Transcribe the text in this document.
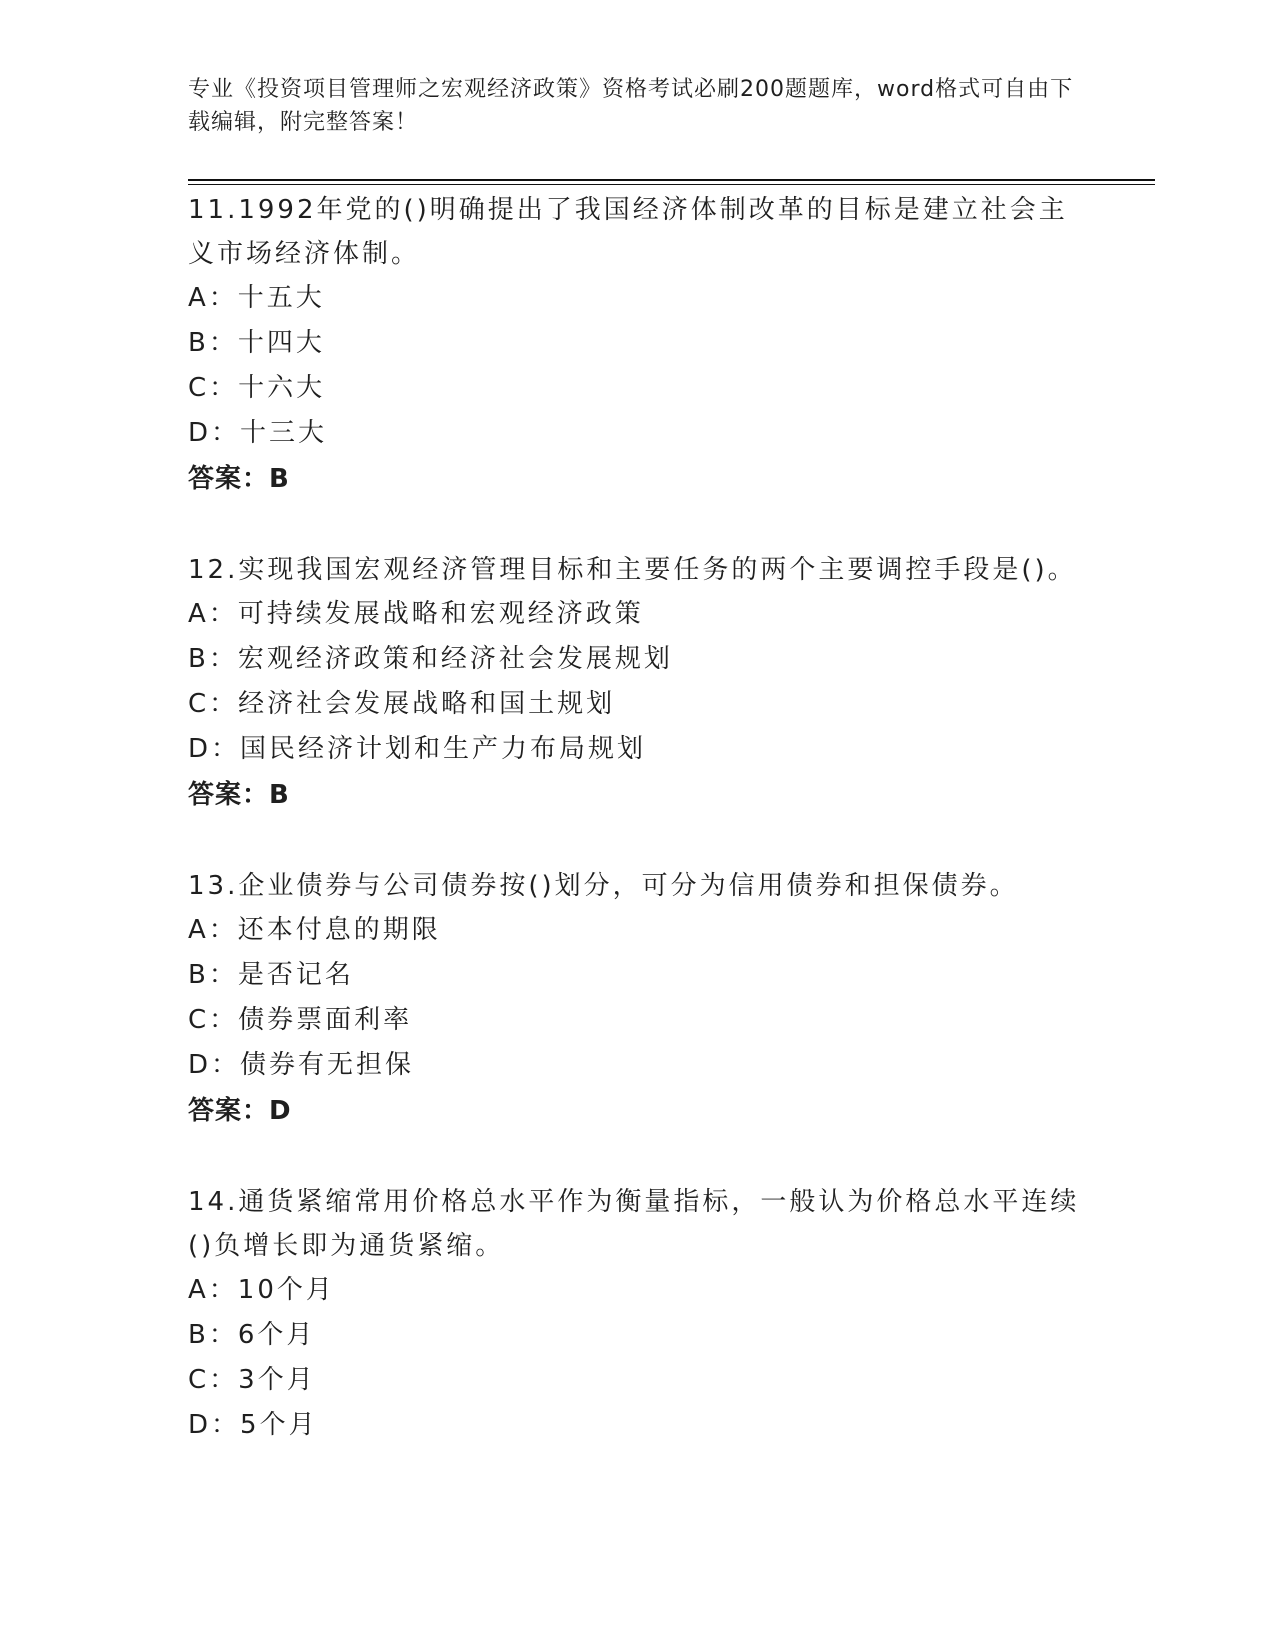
专业《投资项目管理师之宏观经济政策》资格考试必刷200题题库，word格式可自由下载编辑，附完整答案！
11.1992年党的()明确提出了我国经济体制改革的目标是建立社会主义市场经济体制。
A：十五大
B：十四大
C：十六大
D：十三大
答案：B
12.实现我国宏观经济管理目标和主要任务的两个主要调控手段是()。
A：可持续发展战略和宏观经济政策
B：宏观经济政策和经济社会发展规划
C：经济社会发展战略和国土规划
D：国民经济计划和生产力布局规划
答案：B
13.企业债券与公司债券按()划分，可分为信用债券和担保债券。
A：还本付息的期限
B：是否记名
C：债券票面利率
D：债券有无担保
答案：D
14.通货紧缩常用价格总水平作为衡量指标，一般认为价格总水平连续()负增长即为通货紧缩。
A：10个月
B：6个月
C：3个月
D：5个月
